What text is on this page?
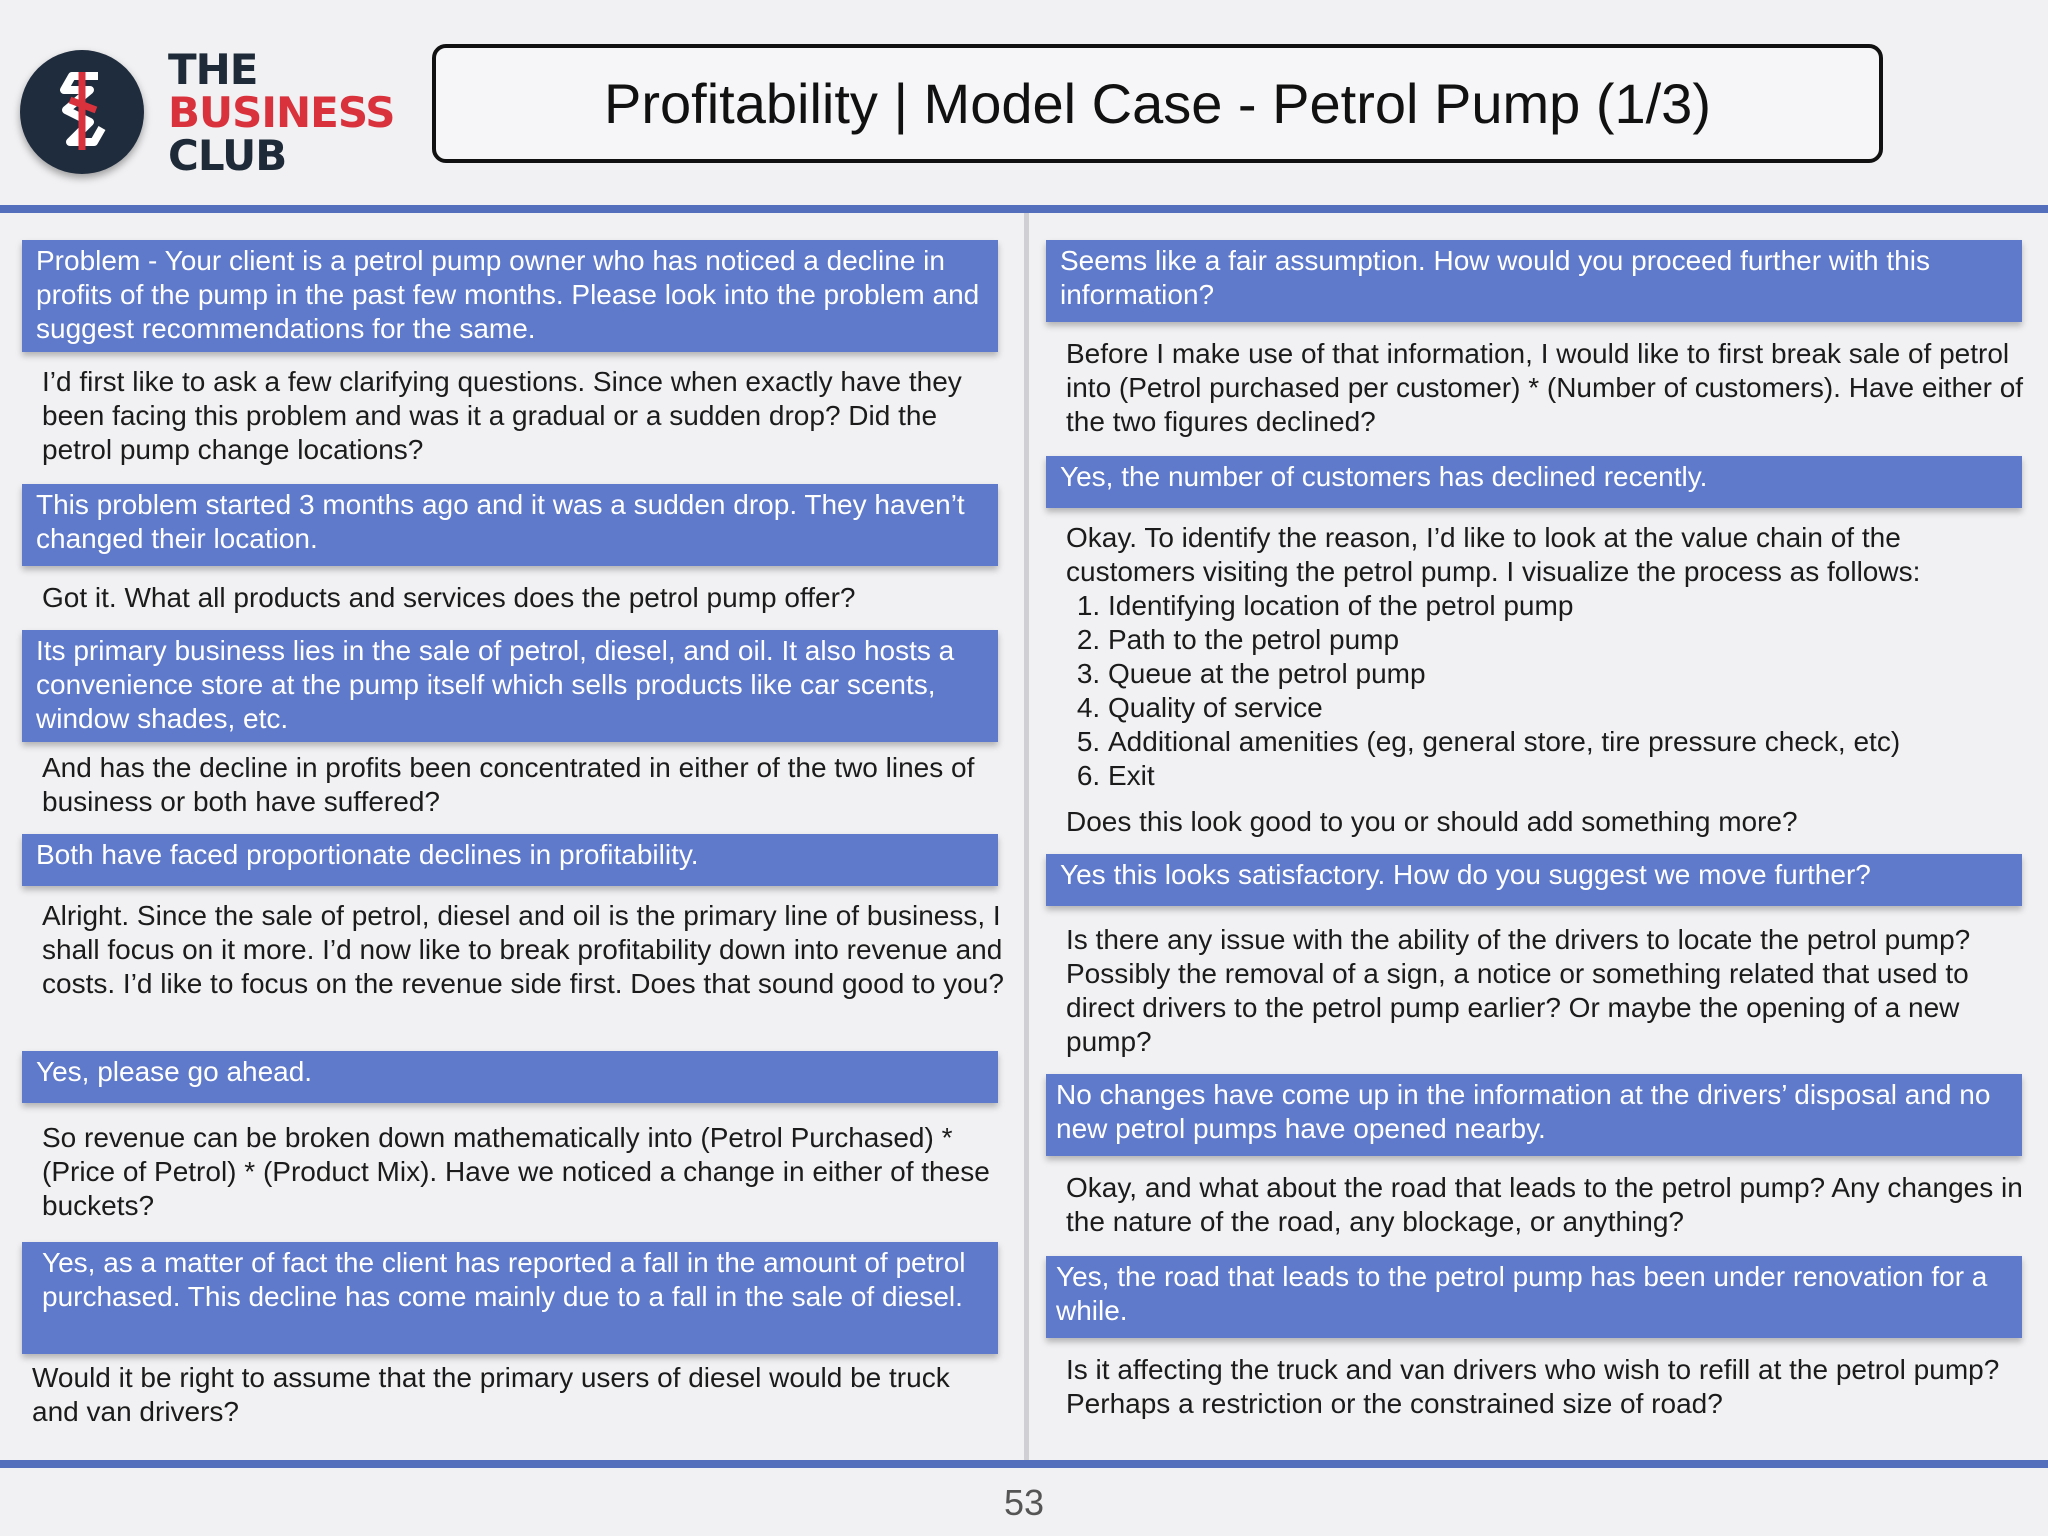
THE
BUSINESS
CLUB
Profitability | Model Case - Petrol Pump (1/3)
Problem - Your client is a petrol pump owner who has noticed a decline in profits of the pump in the past few months. Please look into the problem and suggest recommendations for the same.
I’d first like to ask a few clarifying questions. Since when exactly have they been facing this problem and was it a gradual or a sudden drop? Did the petrol pump change locations?
This problem started 3 months ago and it was a sudden drop. They haven’t changed their location.
Got it. What all products and services does the petrol pump offer?
Its primary business lies in the sale of petrol, diesel, and oil. It also hosts a convenience store at the pump itself which sells products like car scents, window shades, etc.
And has the decline in profits been concentrated in either of the two lines of business or both have suffered?
Both have faced proportionate declines in profitability.
Alright. Since the sale of petrol, diesel and oil is the primary line of business, I shall focus on it more. I’d now like to break profitability down into revenue and costs. I’d like to focus on the revenue side first. Does that sound good to you?
Yes, please go ahead.
So revenue can be broken down mathematically into (Petrol Purchased) * (Price of Petrol) * (Product Mix). Have we noticed a change in either of these buckets?
Yes, as a matter of fact the client has reported a fall in the amount of petrol purchased. This decline has come mainly due to a fall in the sale of diesel.
Would it be right to assume that the primary users of diesel would be truck and van drivers?
Seems like a fair assumption. How would you proceed further with this information?
Before I make use of that information, I would like to first break sale of petrol into (Petrol purchased per customer) * (Number of customers). Have either of the two figures declined?
Yes, the number of customers has declined recently.
Okay. To identify the reason, I’d like to look at the value chain of the customers visiting the petrol pump. I visualize the process as follows:
1. Identifying location of the petrol pump
2. Path to the petrol pump
3. Queue at the petrol pump
4. Quality of service
5. Additional amenities (eg, general store, tire pressure check, etc)
6. Exit
Does this look good to you or should add something more?
Yes this looks satisfactory. How do you suggest we move further?
Is there any issue with the ability of the drivers to locate the petrol pump? Possibly the removal of a sign, a notice or something related that used to direct drivers to the petrol pump earlier? Or maybe the opening of a new pump?
No changes have come up in the information at the drivers’ disposal and no new petrol pumps have opened nearby.
Okay, and what about the road that leads to the petrol pump? Any changes in the nature of the road, any blockage, or anything?
Yes, the road that leads to the petrol pump has been under renovation for a while.
Is it affecting the truck and van drivers who wish to refill at the petrol pump? Perhaps a restriction or the constrained size of road?
53
